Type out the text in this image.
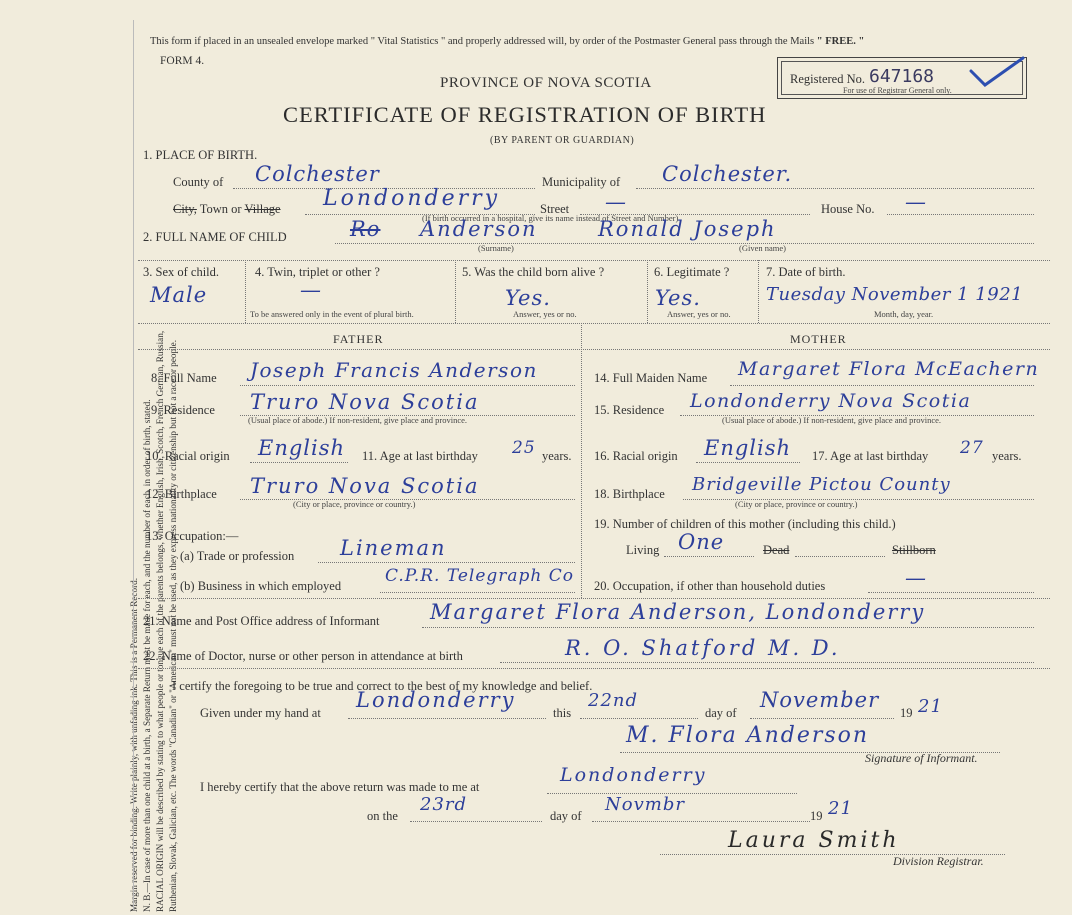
Margin reserved for binding. Write plainly, with unfading ink. This is a Permanent Record. N. B.—In case of more than one child at a birth, a Separate Return must be made for each, and the number of each, in order of birth, stated. RACIAL ORIGIN will be described by stating to what people or tongue each of the parents belongs, whether English, Irish, Scotch, French German, Russian, Ruthenian, Slovak, Galician, etc. The words "Canadian" or "American" must not be used, as they express nationality or citizenship but not a race or people.
This form if placed in an unsealed envelope marked " Vital Statistics " and properly addressed will, by order of the Postmaster General pass through the Mails " FREE. "
FORM 4.
PROVINCE OF NOVA SCOTIA
CERTIFICATE OF REGISTRATION OF BIRTH
(BY PARENT OR GUARDIAN)
Registered No. 647168
For use of Registrar General only.
1. PLACE OF BIRTH.
County of Colchester	Municipality of Colchester.
City, Town or Village Londonderry	Street —	House No. —
(If birth occurred in a hospital, give its name instead of Street and Number)
2. FULL NAME OF CHILD	Ro Anderson	Ronald Joseph
(Surname)	(Given name)
3. Sex of child.
Male
4. Twin, triplet or other ?
—
To be answered only in the event of plural birth.
5. Was the child born alive ?
Yes.
Answer, yes or no.
6. Legitimate ?
Yes.
Answer, yes or no.
7. Date of birth.
Tuesday November 1 1921
Month, day, year.
FATHER	MOTHER
8. Full Name Joseph Francis Anderson
9. Residence Truro Nova Scotia
(Usual place of abode.) If non-resident, give place and province.
10. Racial origin English 11. Age at last birthday 25 years.
12. Birthplace Truro Nova Scotia
(City or place, province or country.)
13. Occupation:—
(a) Trade or profession Lineman
(b) Business in which employed	C.P.R. Telegraph Co
14. Full Maiden Name Margaret Flora McEachern
15. Residence Londonderry Nova Scotia
(Usual place of abode.) If non-resident, give place and province.
16. Racial origin English 17. Age at last birthday 27 years.
18. Birthplace Bridgeville Pictou County
(City or place, province or country.)
19. Number of children of this mother (including this child.)
Living One	Dead	Stillborn
20. Occupation, if other than household duties	—
21. Name and Post Office address of Informant Margaret Flora Anderson, Londonderry
22. Name of Doctor, nurse or other person in attendance at birth	R. O. Shatford M. D.
I certify the foregoing to be true and correct to the best of my knowledge and belief.
Given under my hand at
Londonderry
this
22nd
day of
November
19 21
M. Flora Anderson
Signature of Informant.
I hereby certify that the above return was made to me at
Londonderry
on the
23rd
day of
Novmbr
19 21
Laura Smith
Division Registrar.
